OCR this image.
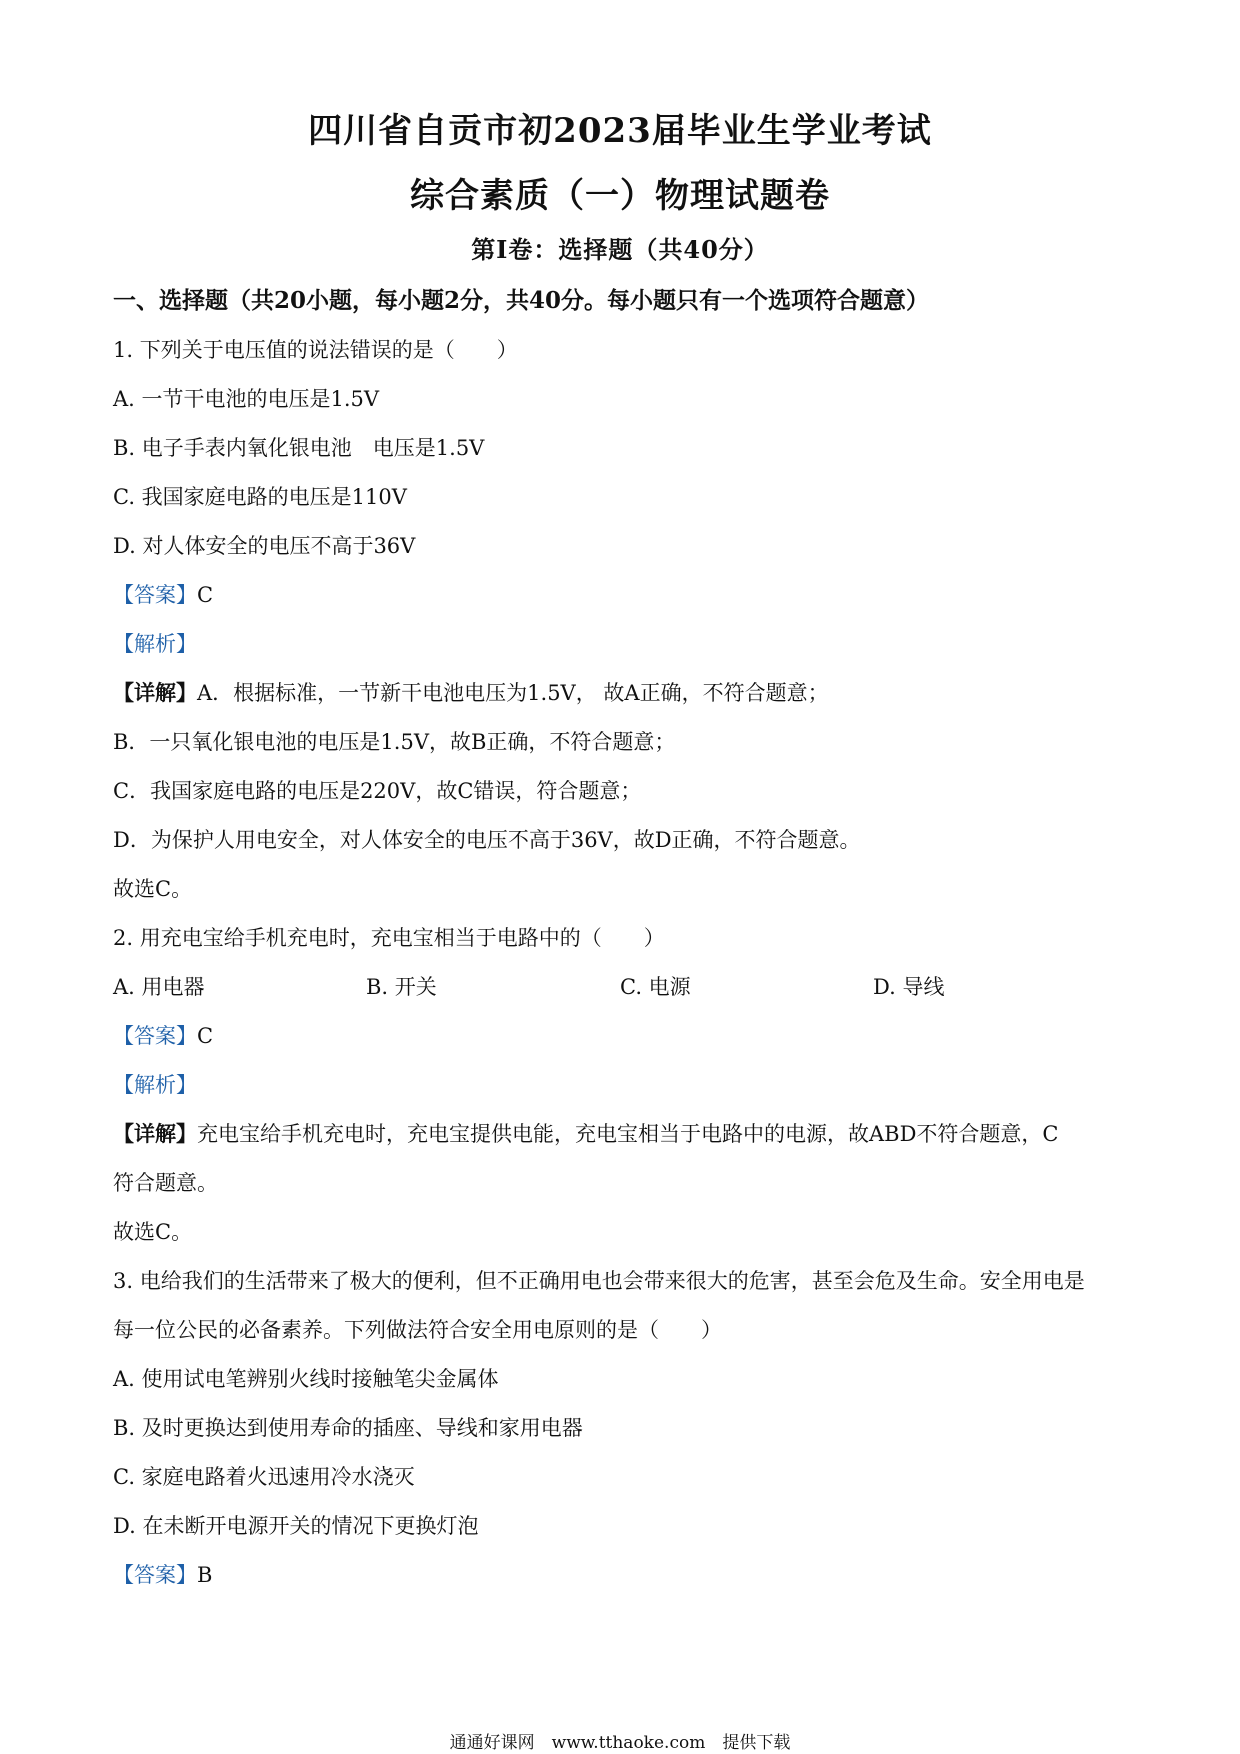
四川省自贡市初2023届毕业生学业考试
综合素质（一）物理试题卷
第I卷：选择题（共40分）
一、选择题（共20小题，每小题2分，共40分。每小题只有一个选项符合题意）
1. 下列关于电压值的说法错误的是（　　）
A. 一节干电池的电压是1.5V
B. 电子手表内氧化银电池　电压是1.5V
C. 我国家庭电路的电压是110V
D. 对人体安全的电压不高于36V
【答案】C
【解析】
【详解】A．根据标准，一节新干电池电压为1.5V， 故A正确，不符合题意；
B．一只氧化银电池的电压是1.5V，故B正确，不符合题意；
C．我国家庭电路的电压是220V，故C错误，符合题意；
D．为保护人用电安全，对人体安全的电压不高于36V，故D正确，不符合题意。
故选C。
2. 用充电宝给手机充电时，充电宝相当于电路中的（　　）
A. 用电器	B. 开关	C. 电源	D. 导线
【答案】C
【解析】
【详解】充电宝给手机充电时，充电宝提供电能，充电宝相当于电路中的电源，故ABD不符合题意，C
符合题意。
故选C。
3. 电给我们的生活带来了极大的便利，但不正确用电也会带来很大的危害，甚至会危及生命。安全用电是
每一位公民的必备素养。下列做法符合安全用电原则的是（　　）
A. 使用试电笔辨别火线时接触笔尖金属体
B. 及时更换达到使用寿命的插座、导线和家用电器
C. 家庭电路着火迅速用冷水浇灭
D. 在未断开电源开关的情况下更换灯泡
【答案】B
通通好课网　www.tthaoke.com　提供下载
